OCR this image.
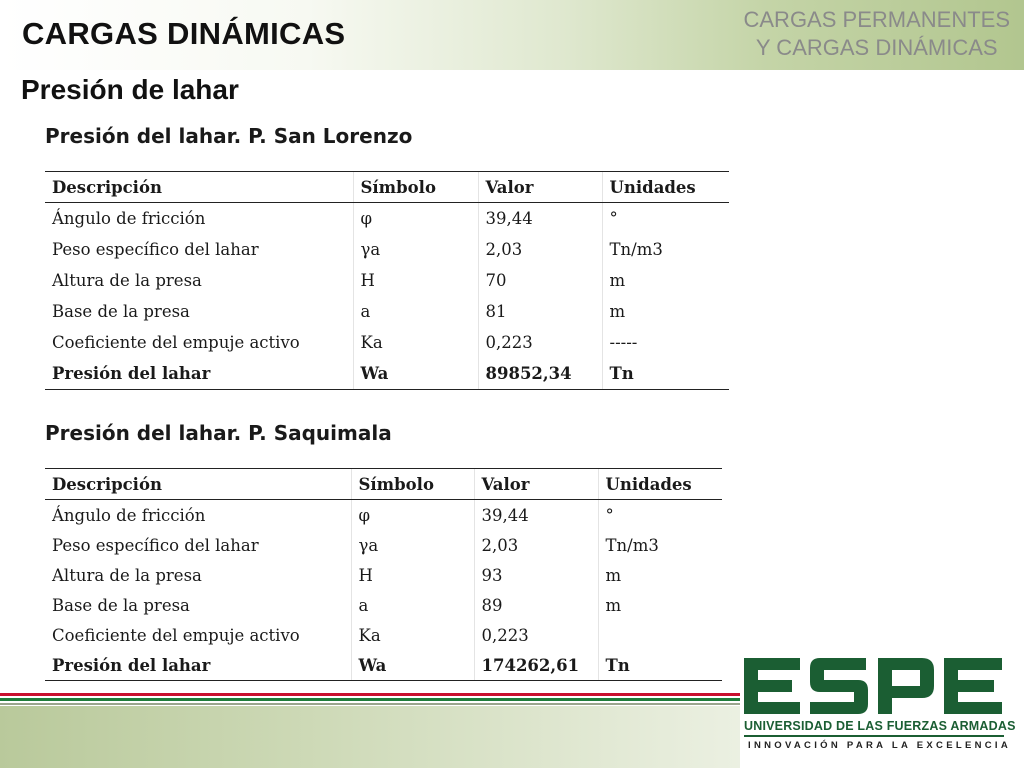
CARGAS DINÁMICAS	CARGAS PERMANENTES
Y CARGAS DINÁMICAS
Presión de lahar
Presión del lahar. P. San Lorenzo
Descripción	Símbolo	Valor	Unidades
Ángulo de fricción	φ	39,44	°
Peso específico del lahar	γa	2,03	Tn/m3
Altura de la presa	H	70	m
Base de la presa	a	81	m
Coeficiente del empuje activo	Ka	0,223	-----
Presión del lahar	Wa	89852,34	Tn
Presión del lahar. P. Saquimala
Descripción	Símbolo	Valor	Unidades
Ángulo de fricción	φ	39,44	°
Peso específico del lahar	γa	2,03	Tn/m3
Altura de la presa	H	93	m
Base de la presa	a	89	m
Coeficiente del empuje activo	Ka	0,223	
Presión del lahar	Wa	174262,61	Tn
UNIVERSIDAD DE LAS FUERZAS ARMADAS
INNOVACIÓN PARA LA EXCELENCIA
